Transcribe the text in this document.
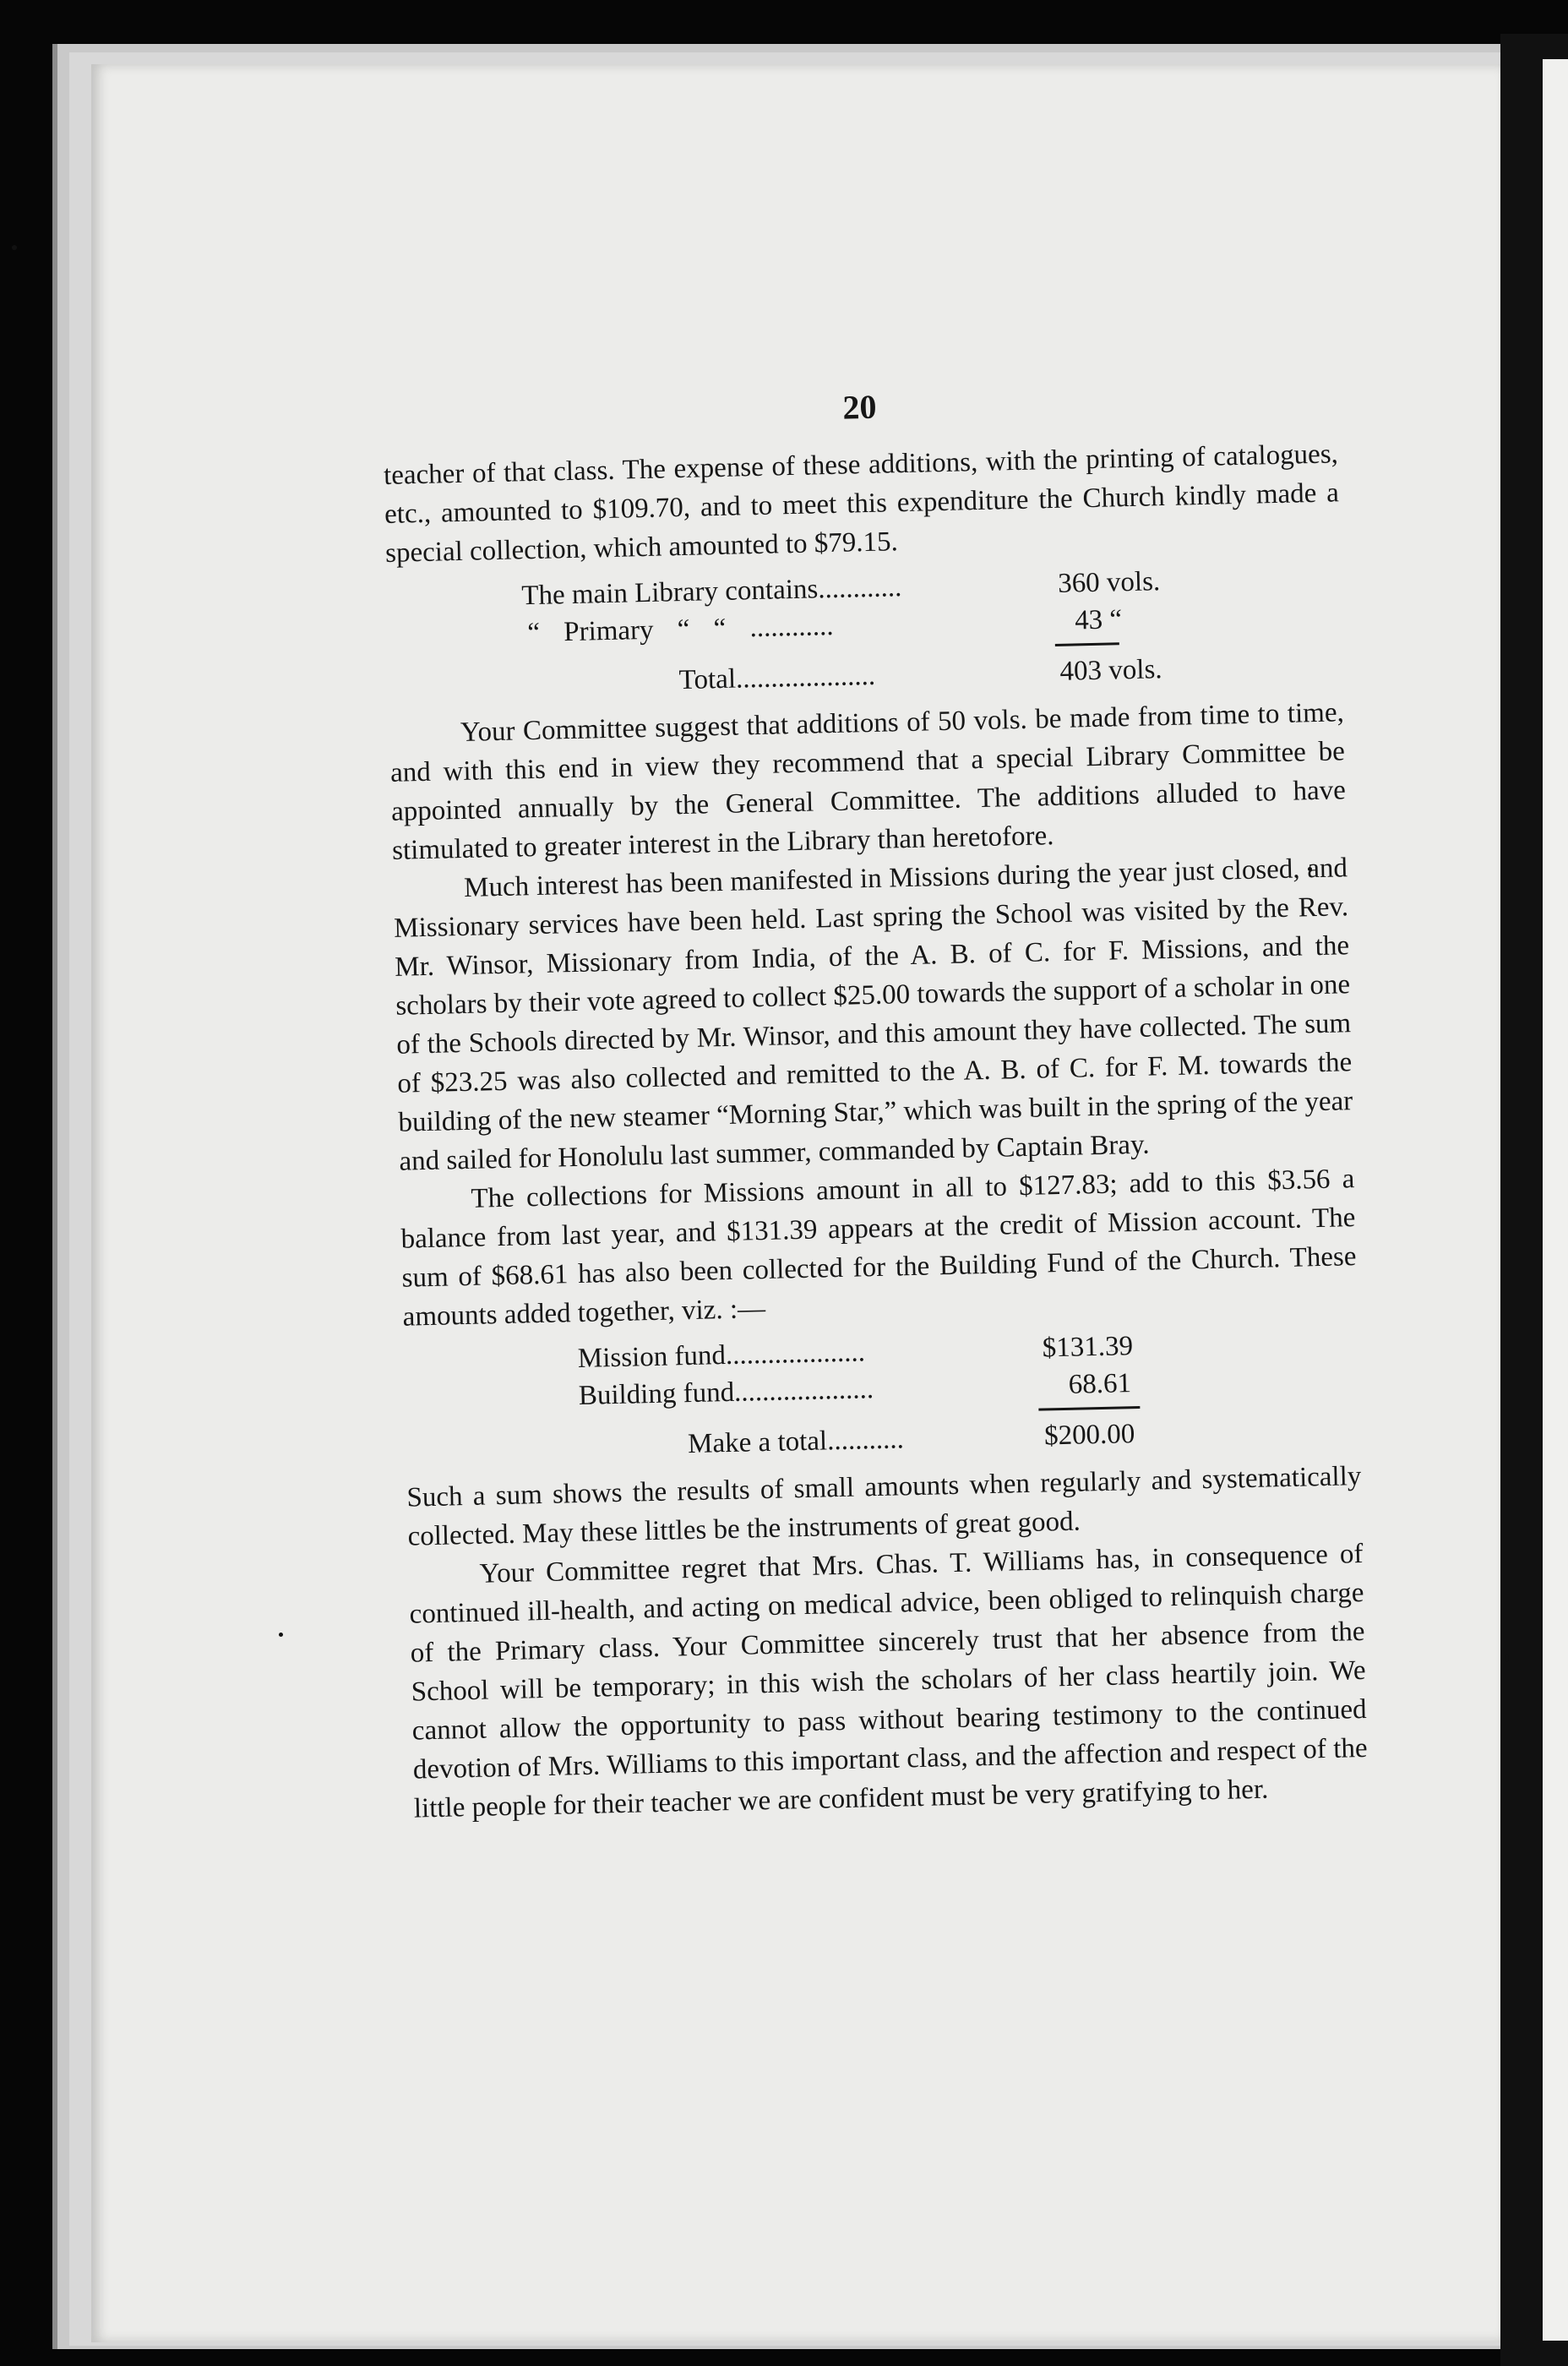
20

teacher of that class. The expense of these additions, with the printing of catalogues, etc., amounted to $109.70, and to meet this expenditure the Church kindly made a special collection, which amounted to $79.15.

The main Library contains............	360 vols.
“ Primary “ “ ............	43 “
Total....................	403 vols.

Your Committee suggest that additions of 50 vols. be made from time to time, and with this end in view they recommend that a special Library Committee be appointed annually by the General Committee. The additions alluded to have stimulated to greater interest in the Library than heretofore.

Much interest has been manifested in Missions during the year just closed, and Missionary services have been held. Last spring the School was visited by the Rev. Mr. Winsor, Missionary from India, of the A. B. of C. for F. Missions, and the scholars by their vote agreed to collect $25.00 towards the support of a scholar in one of the Schools directed by Mr. Winsor, and this amount they have collected. The sum of $23.25 was also collected and remitted to the A. B. of C. for F. M. towards the building of the new steamer “Morning Star,” which was built in the spring of the year and sailed for Honolulu last summer, commanded by Captain Bray.

The collections for Missions amount in all to $127.83; add to this $3.56 a balance from last year, and $131.39 appears at the credit of Mission account. The sum of $68.61 has also been collected for the Building Fund of the Church. These amounts added together, viz. :—

Mission fund....................	$131.39
Building fund....................	68.61
Make a total...........	$200.00

Such a sum shows the results of small amounts when regularly and systematically collected. May these littles be the instruments of great good.

Your Committee regret that Mrs. Chas. T. Williams has, in consequence of continued ill-health, and acting on medical advice, been obliged to relinquish charge of the Primary class. Your Committee sincerely trust that her absence from the School will be temporary; in this wish the scholars of her class heartily join. We cannot allow the opportunity to pass without bearing testimony to the continued devotion of Mrs. Williams to this important class, and the affection and respect of the little people for their teacher we are confident must be very gratifying to her.
